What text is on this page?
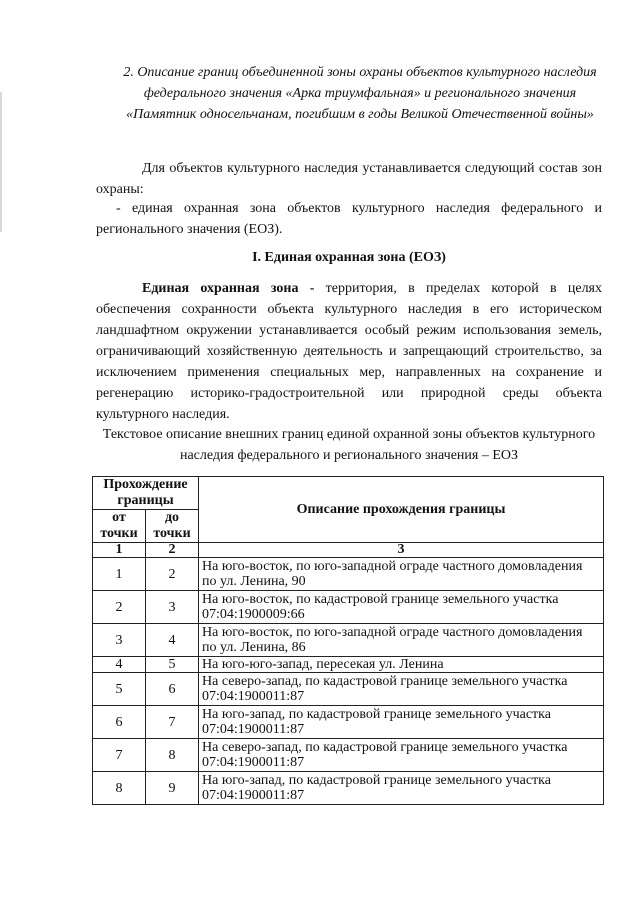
2. Описание границ объединенной зоны охраны объектов культурного наследия федерального значения «Арка триумфальная» и регионального значения «Памятник односельчанам, погибшим в годы Великой Отечественной войны»

Для объектов культурного наследия устанавливается следующий состав зон охраны:

- единая охранная зона объектов культурного наследия федерального и регионального значения (ЕОЗ).

I. Единая охранная зона (ЕОЗ)

Единая охранная зона - территория, в пределах которой в целях обеспечения сохранности объекта культурного наследия в его историческом ландшафтном окружении устанавливается особый режим использования земель, ограничивающий хозяйственную деятельность и запрещающий строительство, за исключением применения специальных мер, направленных на сохранение и регенерацию историко-градостроительной или природной среды объекта культурного наследия.

Текстовое описание внешних границ единой охранной зоны объектов культурного наследия федерального и регионального значения – ЕОЗ
Прохождение границы		Описание прохождения границы
от точки	до точки	
1	2	3
1	2	На юго-восток, по юго-западной ограде частного домовладения по ул. Ленина, 90
2	3	На юго-восток, по кадастровой границе земельного участка 07:04:1900009:66
3	4	На юго-восток, по юго-западной ограде частного домовладения по ул. Ленина, 86
4	5	На юго-юго-запад, пересекая ул. Ленина
5	6	На северо-запад, по кадастровой границе земельного участка 07:04:1900011:87
6	7	На юго-запад, по кадастровой границе земельного участка 07:04:1900011:87
7	8	На северо-запад, по кадастровой границе земельного участка 07:04:1900011:87
8	9	На юго-запад, по кадастровой границе земельного участка 07:04:1900011:87
